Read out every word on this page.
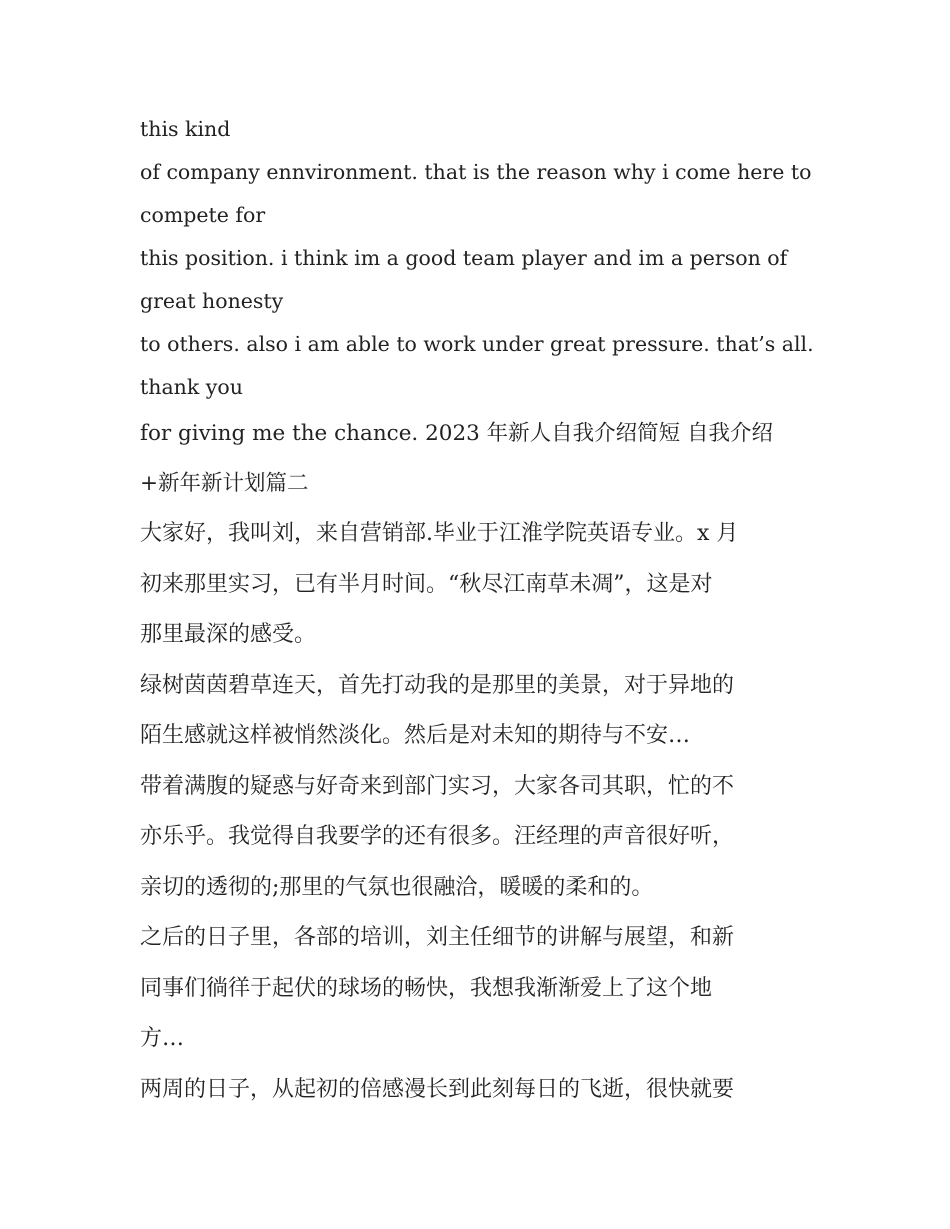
this kind

of company ennvironment. that is the reason why i come here to

compete for

this position. i think im a good team player and im a person of

great honesty

to others. also i am able to work under great pressure. that’s all.

thank you

for giving me the chance. 2023 年新人自我介绍简短 自我介绍

+新年新计划篇二

大家好，我叫刘，来自营销部.毕业于江淮学院英语专业。x 月

初来那里实习，已有半月时间。“秋尽江南草未凋”，这是对

那里最深的感受。

绿树茵茵碧草连天，首先打动我的是那里的美景，对于异地的

陌生感就这样被悄然淡化。然后是对未知的期待与不安…

带着满腹的疑惑与好奇来到部门实习，大家各司其职，忙的不

亦乐乎。我觉得自我要学的还有很多。汪经理的声音很好听，

亲切的透彻的;那里的气氛也很融洽，暖暖的柔和的。

之后的日子里，各部的培训，刘主任细节的讲解与展望，和新

同事们徜徉于起伏的球场的畅快，我想我渐渐爱上了这个地

方…

两周的日子，从起初的倍感漫长到此刻每日的飞逝，很快就要
